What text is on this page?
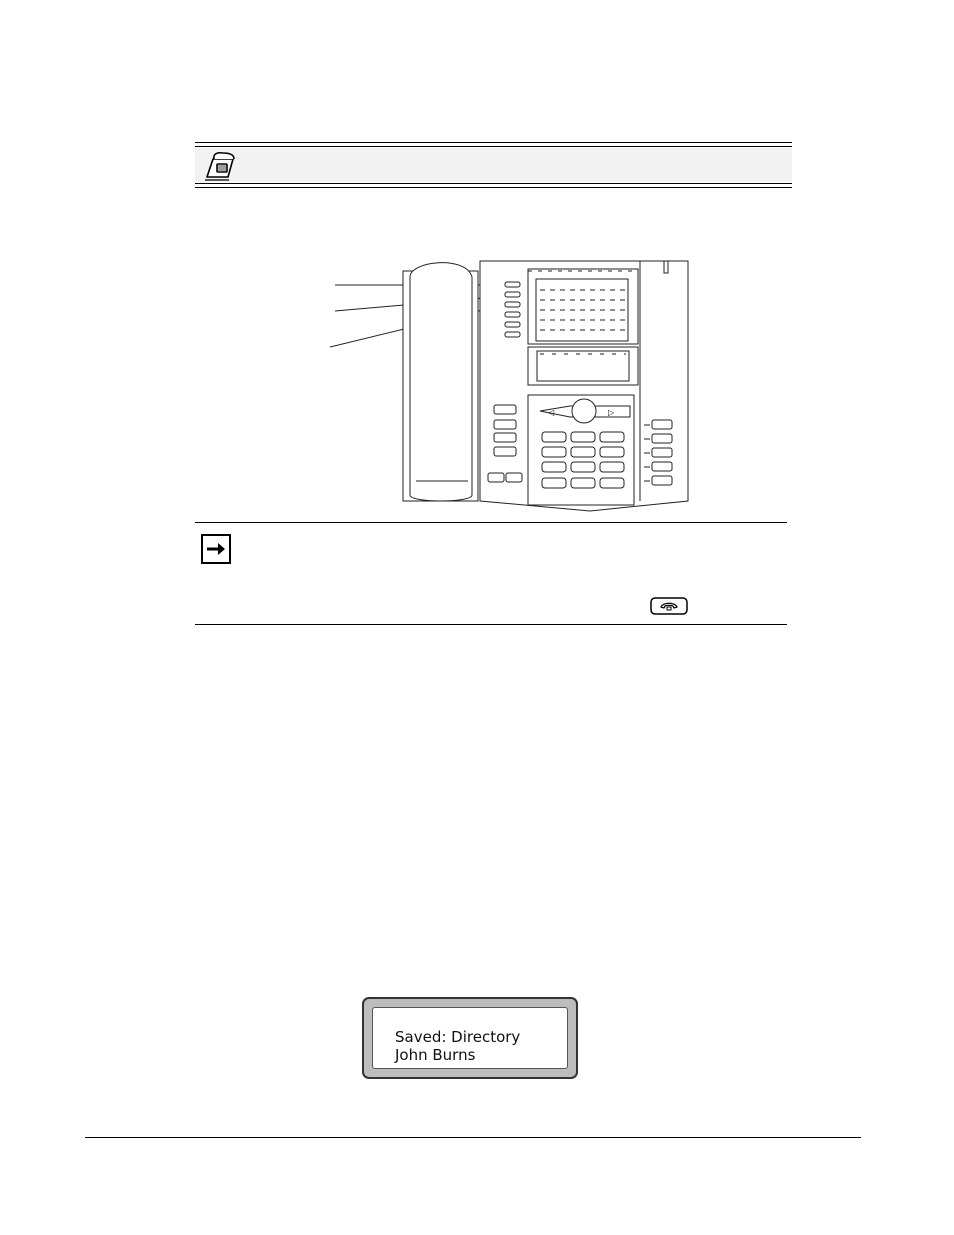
◁	▷
Saved: Directory
John Burns
